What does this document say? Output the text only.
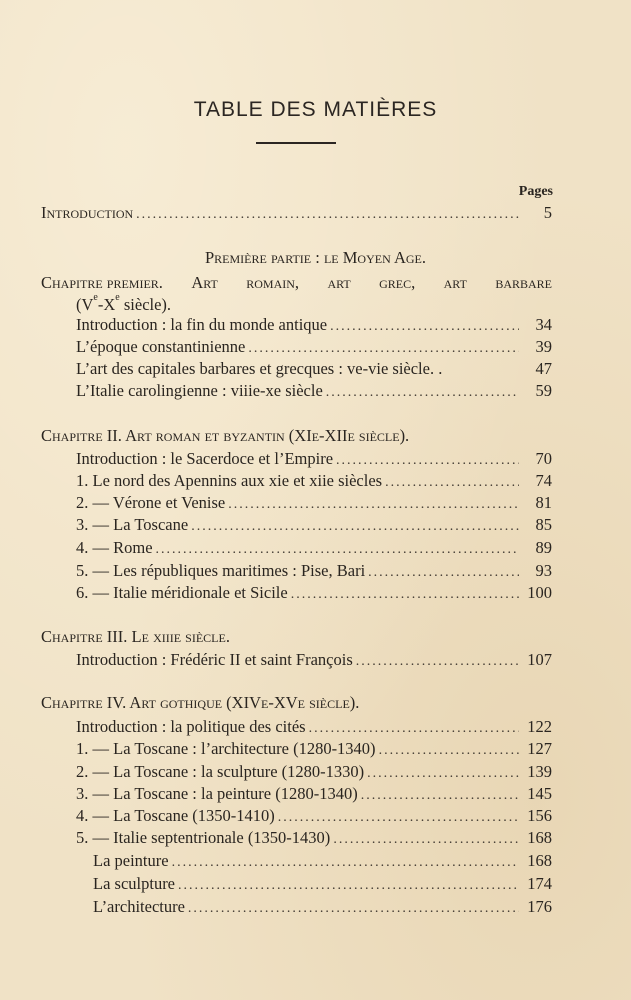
TABLE DES MATIÈRES
Pages
Introduction .....	5
Première partie : le Moyen Age.
Chapitre premier. Art romain, art grec, art barbare
(Ve-Xe siècle).
Introduction : la fin du monde antique .....	34
L’époque constantinienne .....	39
L’art des capitales barbares et grecques : ve-vie siècle. .	47
L’Italie carolingienne : viiie-xe siècle .....	59
Chapitre II. Art roman et byzantin (XIe-XIIe siècle).
Introduction : le Sacerdoce et l’Empire .....	70
1. Le nord des Apennins aux xie et xiie siècles .....	74
2. — Vérone et Venise .....	81
3. — La Toscane .....	85
4. — Rome .....	89
5. — Les républiques maritimes : Pise, Bari .....	93
6. — Italie méridionale et Sicile .....	100
Chapitre III. Le xiiie siècle.
Introduction : Frédéric II et saint François .....	107
Chapitre IV. Art gothique (XIVe-XVe siècle).
Introduction : la politique des cités .....	122
1. — La Toscane : l’architecture (1280-1340) .....	127
2. — La Toscane : la sculpture (1280-1330) .....	139
3. — La Toscane : la peinture (1280-1340) .....	145
4. — La Toscane (1350-1410) .....	156
5. — Italie septentrionale (1350-1430) .....	168
La peinture .....	168
La sculpture .....	174
L’architecture .....	176
